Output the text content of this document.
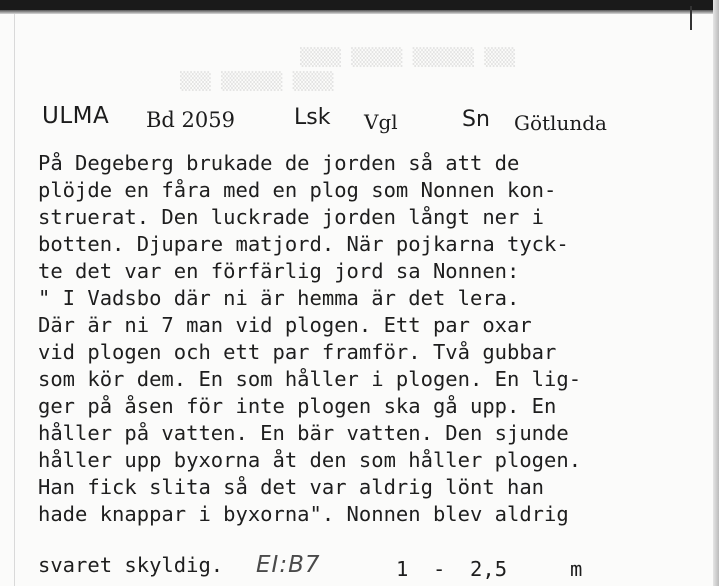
▒▒▒▒ ▒▒▒▒▒ ▒▒▒▒▒▒ ▒▒▒
▒▒▒ ▒▒▒▒▒▒ ▒▒▒▒
ULMA Bd 2059	Lsk Vgl	Sn Götlunda
På Degeberg brukade de jorden så att de
plöjde en fåra med en plog som Nonnen kon-
struerat. Den luckrade jorden långt ner i
botten. Djupare matjord. När pojkarna tyck-
te det var en förfärlig jord sa Nonnen:
" I Vadsbo där ni är hemma är det lera.
Där är ni 7 man vid plogen. Ett par oxar
vid plogen och ett par framför. Två gubbar
som kör dem. En som håller i plogen. En lig-
ger på åsen för inte plogen ska gå upp. En
håller på vatten. En bär vatten. Den sjunde
håller upp byxorna åt den som håller plogen.
Han fick slita så det var aldrig lönt han
hade knappar i byxorna". Nonnen blev aldrig
svaret skyldig. EI:B7	1  -  2,5	m
